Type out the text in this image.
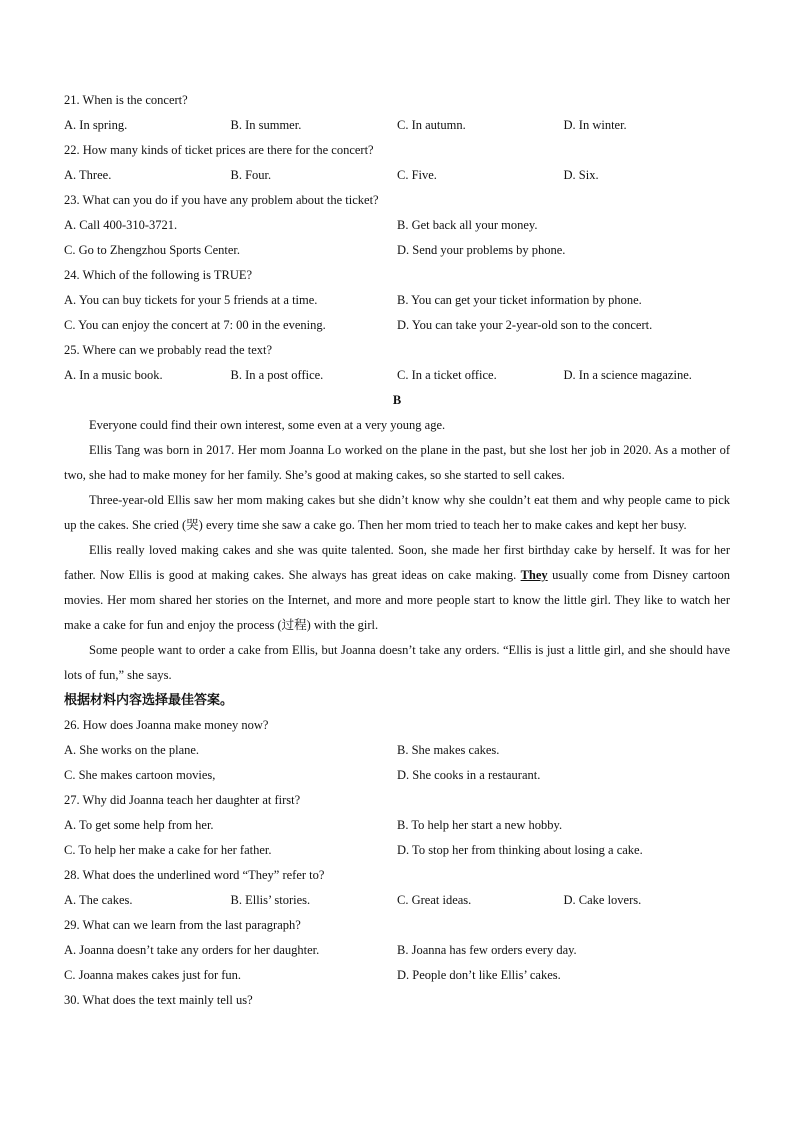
21. When is the concert?
A. In spring.	B. In summer.	C. In autumn.	D. In winter.
22. How many kinds of ticket prices are there for the concert?
A. Three.	B. Four.	C. Five.	D. Six.
23. What can you do if you have any problem about the ticket?
A. Call 400-310-3721.	B. Get back all your money.
C. Go to Zhengzhou Sports Center.	D. Send your problems by phone.
24. Which of the following is TRUE?
A. You can buy tickets for your 5 friends at a time.	B. You can get your ticket information by phone.
C. You can enjoy the concert at 7: 00 in the evening.	D. You can take your 2-year-old son to the concert.
25. Where can we probably read the text?
A. In a music book.	B. In a post office.	C. In a ticket office.	D. In a science magazine.
B

Everyone could find their own interest, some even at a very young age.

Ellis Tang was born in 2017. Her mom Joanna Lo worked on the plane in the past, but she lost her job in 2020. As a mother of two, she had to make money for her family. She’s good at making cakes, so she started to sell cakes.

Three-year-old Ellis saw her mom making cakes but she didn’t know why she couldn’t eat them and why people came to pick up the cakes. She cried (哭) every time she saw a cake go. Then her mom tried to teach her to make cakes and kept her busy.

Ellis really loved making cakes and she was quite talented. Soon, she made her first birthday cake by herself. It was for her father. Now Ellis is good at making cakes. She always has great ideas on cake making. They usually come from Disney cartoon movies. Her mom shared her stories on the Internet, and more and more people start to know the little girl. They like to watch her make a cake for fun and enjoy the process (过程) with the girl.

Some people want to order a cake from Ellis, but Joanna doesn’t take any orders. “Ellis is just a little girl, and she should have lots of fun,” she says.

根据材料内容选择最佳答案。
26. How does Joanna make money now?
A. She works on the plane.	B. She makes cakes.
C. She makes cartoon movies,	D. She cooks in a restaurant.
27. Why did Joanna teach her daughter at first?
A. To get some help from her.	B. To help her start a new hobby.
C. To help her make a cake for her father.	D. To stop her from thinking about losing a cake.
28. What does the underlined word “They” refer to?
A. The cakes.	B. Ellis’ stories.	C. Great ideas.	D. Cake lovers.
29. What can we learn from the last paragraph?
A. Joanna doesn’t take any orders for her daughter.	B. Joanna has few orders every day.
C. Joanna makes cakes just for fun.	D. People don’t like Ellis’ cakes.
30. What does the text mainly tell us?
